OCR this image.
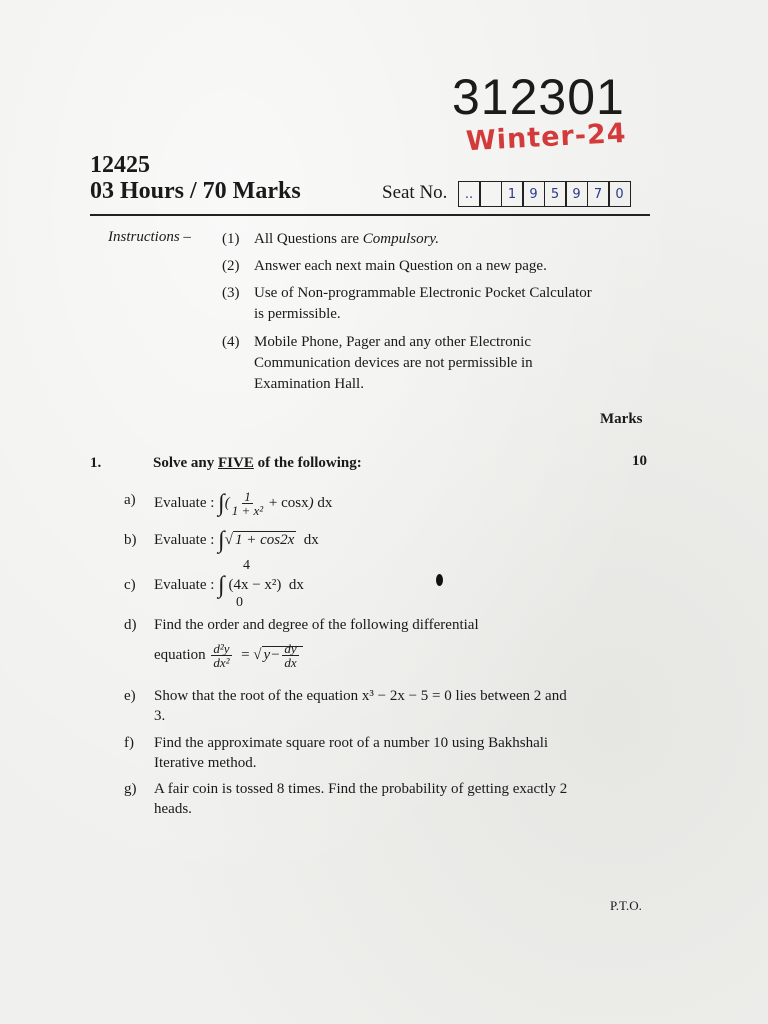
312301
Winter-24
12425
03 Hours / 70 Marks	Seat No.	..	1	9	5	9	7	0
Instructions – (1) All Questions are Compulsory.
(2) Answer each next main Question on a new page.
(3) Use of Non-programmable Electronic Pocket Calculator is permissible.
(4) Mobile Phone, Pager and any other Electronic Communication devices are not permissible in Examination Hall.
Marks
1.	Solve any FIVE of the following:	10
a) Evaluate : ∫( $\frac{1}{\text{1 + x²}} + \cos x$) dx
b) Evaluate : ∫√ 1 + cos2x dx
4
c) Evaluate : ∫ (4x − x²) dx
0
d) Find the order and degree of the following differential
equation $\frac{\text{d²y}}{\text{dx²}}$ = √ $y- \frac{dy}{dx}$
e) Show that the root of the equation x³ − 2x − 5 = 0 lies between 2 and 3.
f) Find the approximate square root of a number 10 using Bakhshali Iterative method.
g) A fair coin is tossed 8 times. Find the probability of getting exactly 2 heads.
P.T.O.
